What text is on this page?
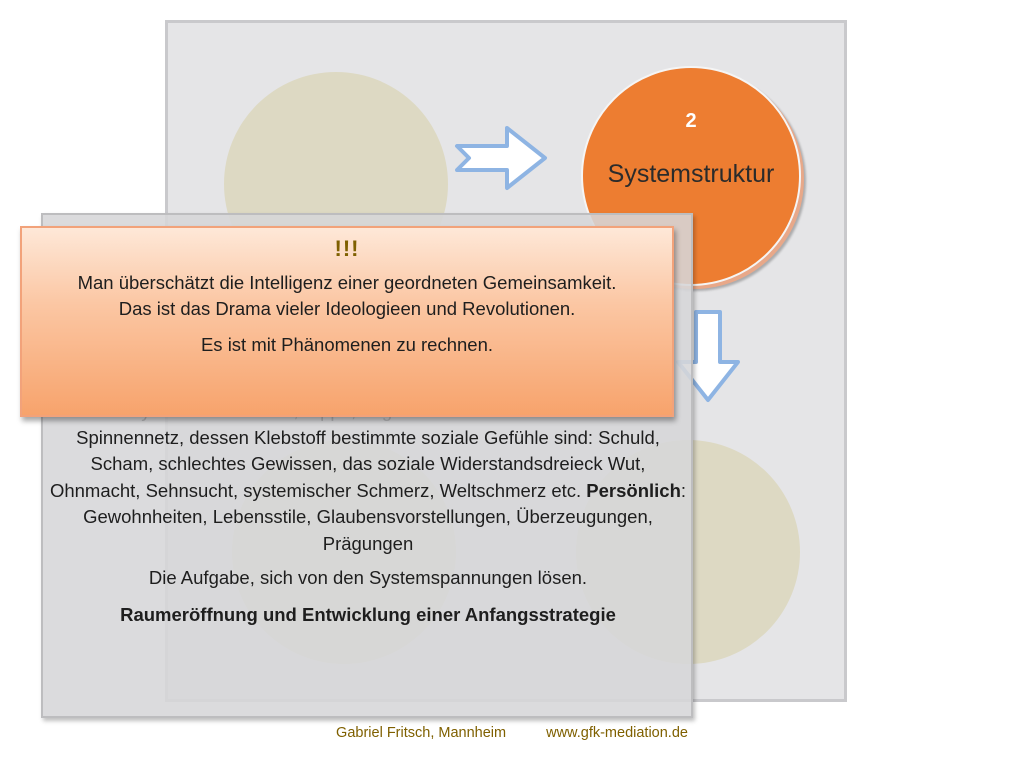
2
Systemstruktur

Spinnennetz, dessen Klebstoff bestimmte soziale Gefühle sind: Schuld, Scham, schlechtes Gewissen, das soziale Widerstandsdreieck Wut, Ohnmacht, Sehnsucht, systemischer Schmerz, Weltschmerz etc. Persönlich: Gewohnheiten, Lebensstile, Glaubensvorstellungen, Überzeugungen, Prägungen

Die Aufgabe, sich von den Systemspannungen lösen.

Raumeröffnung und Entwicklung einer Anfangsstrategie

!!!

Man überschätzt die Intelligenz einer geordneten Gemeinsamkeit.

Das ist das Drama vieler Ideologieen und Revolutionen.

Es ist mit Phänomenen zu rechnen.

Gabriel Fritsch, Mannheim	www.gfk-mediation.de
